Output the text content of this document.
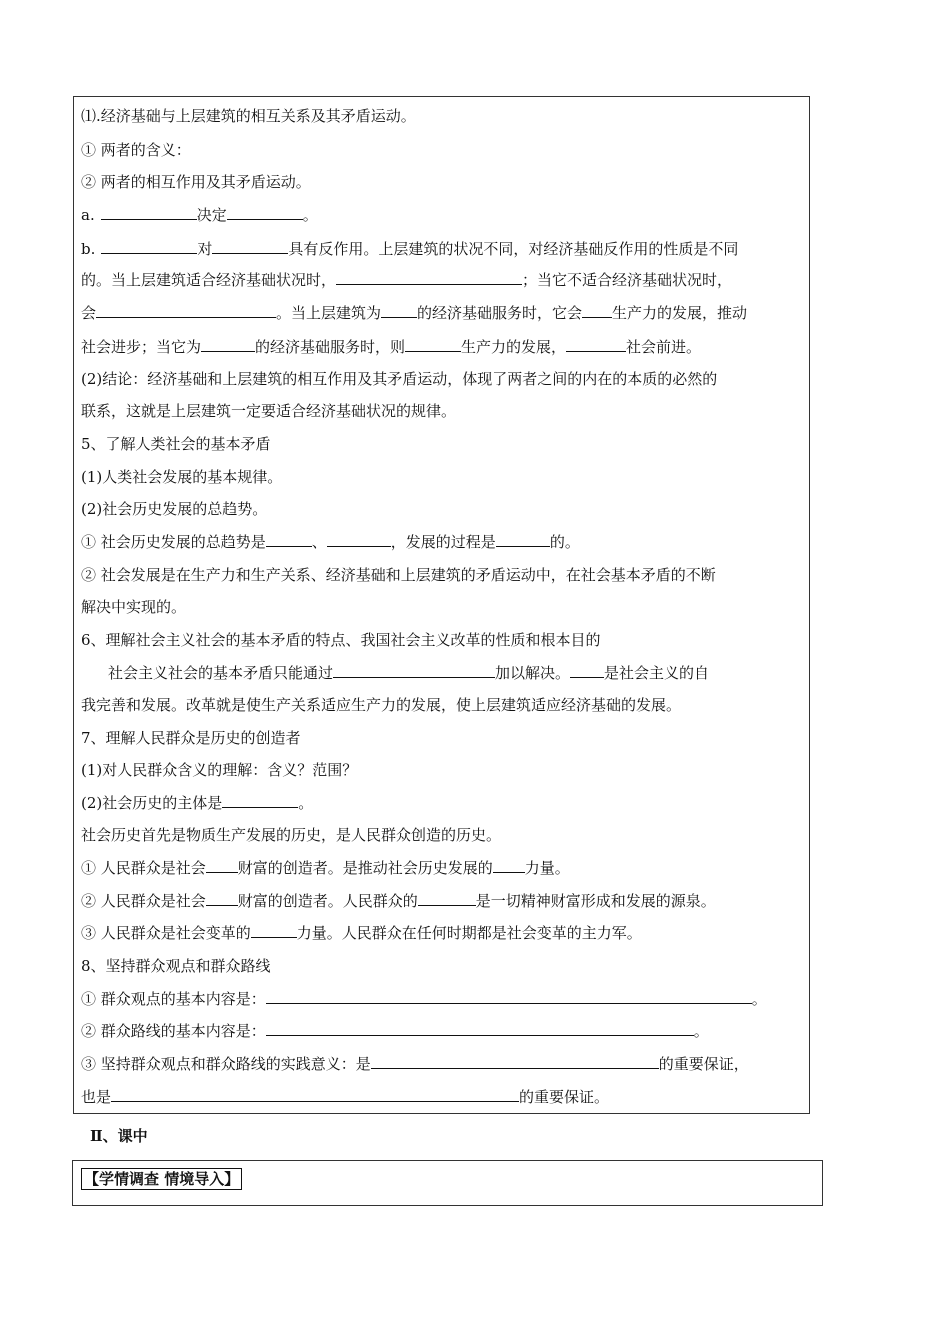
⑴.经济基础与上层建筑的相互关系及其矛盾运动。
① 两者的含义：
② 两者的相互作用及其矛盾运动。
a.	决定	。
b.	对	具有反作用。上层建筑的状况不同，对经济基础反作用的性质是不同
的。当上层建筑适合经济基础状况时，	；当它不适合经济基础状况时，
会	。当上层建筑为 的经济基础服务时，它会 生产力的发展，推动
社会进步；当它为	的经济基础服务时，则	生产力的发展，	社会前进。
(2)结论：经济基础和上层建筑的相互作用及其矛盾运动，体现了两者之间的内在的本质的必然的
联系，这就是上层建筑一定要适合经济基础状况的规律。
5、了解人类社会的基本矛盾
(1)人类社会发展的基本规律。
(2)社会历史发展的总趋势。
① 社会历史发展的总趋势是	、	，发展的过程是	的。
② 社会发展是在生产力和生产关系、经济基础和上层建筑的矛盾运动中，在社会基本矛盾的不断
解决中实现的。
6、理解社会主义社会的基本矛盾的特点、我国社会主义改革的性质和根本目的
社会主义社会的基本矛盾只能通过	加以解决。 是社会主义的自
我完善和发展。改革就是使生产关系适应生产力的发展，使上层建筑适应经济基础的发展。
7、理解人民群众是历史的创造者
(1)对人民群众含义的理解：含义？范围？
(2)社会历史的主体是	。
社会历史首先是物质生产发展的历史，是人民群众创造的历史。
① 人民群众是社会 财富的创造者。是推动社会历史发展的 力量。
② 人民群众是社会 财富的创造者。人民群众的	是一切精神财富形成和发展的源泉。
③ 人民群众是社会变革的	力量。人民群众在任何时期都是社会变革的主力军。
8、坚持群众观点和群众路线
① 群众观点的基本内容是：	。
② 群众路线的基本内容是：	。
③ 坚持群众观点和群众路线的实践意义：是	的重要保证，
也是	的重要保证。
Ⅱ、课中
【学情调查 情境导入】
